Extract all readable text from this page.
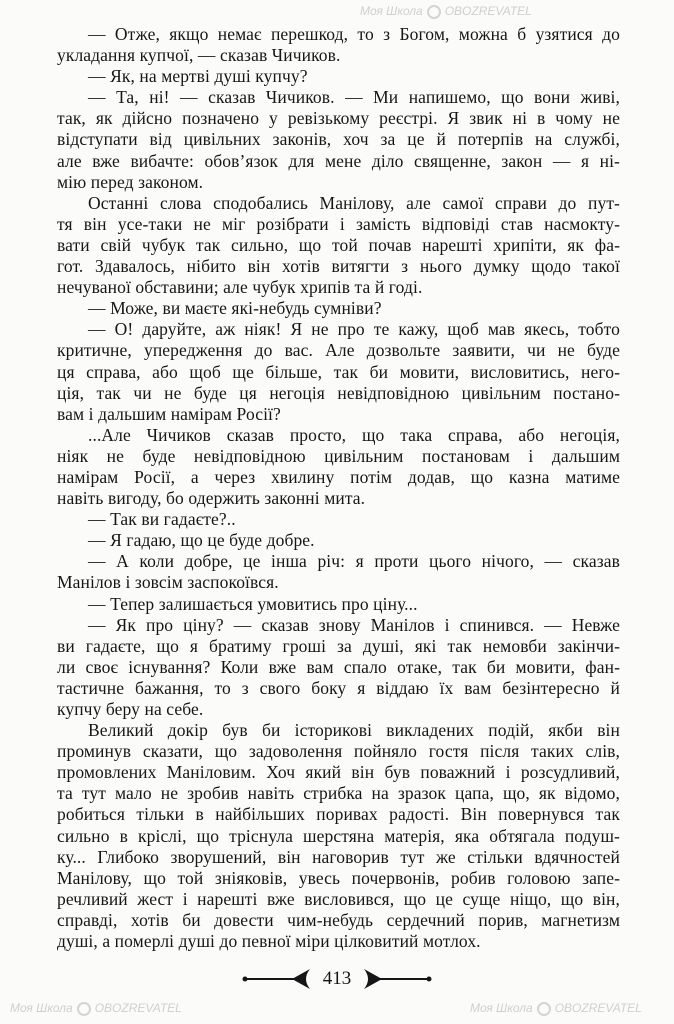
Моя Школа OBOZREVATEL
Моя Школа OBOZREVATEL	Моя Школа OBOZREVATEL
— Отже, якщо немає перешкод, то з Богом, можна б узятися до
укладання купчої, — сказав Чичиков.
— Як, на мертві душі купчу?
— Та, ні! — сказав Чичиков. — Ми напишемо, що вони живі,
так, як дійсно позначено у ревізькому реєстрі. Я звик ні в чому не
відступати від цивільних законів, хоч за це й потерпів на службі,
але вже вибачте: обов’язок для мене діло священне, закон — я ні-
мію перед законом.
Останні слова сподобались Манілову, але самої справи до пут-
тя він усе-таки не міг розібрати і замість відповіді став насмокту-
вати свій чубук так сильно, що той почав нарешті хрипіти, як фа-
гот. Здавалось, нібито він хотів витягти з нього думку щодо такої
нечуваної обставини; але чубук хрипів та й годі.
— Може, ви маєте які-небудь сумніви?
— О! даруйте, аж ніяк! Я не про те кажу, щоб мав якесь, тобто
критичне, упередження до вас. Але дозвольте заявити, чи не буде
ця справа, або щоб ще більше, так би мовити, висловитись, него-
ція, так чи не буде ця негоція невідповідною цивільним постано-
вам і дальшим намірам Росії?
...Але Чичиков сказав просто, що така справа, або негоція,
ніяк не буде невідповідною цивільним постановам і дальшим
намірам Росії, а через хвилину потім додав, що казна матиме
навіть вигоду, бо одержить законні мита.
— Так ви гадаєте?..
— Я гадаю, що це буде добре.
— А коли добре, це інша річ: я проти цього нічого, — сказав
Манілов і зовсім заспокоївся.
— Тепер залишається умовитись про ціну...
— Як про ціну? — сказав знову Манілов і спинився. — Невже
ви гадаєте, що я братиму гроші за душі, які так немовби закінчи-
ли своє існування? Коли вже вам спало отаке, так би мовити, фан-
тастичне бажання, то з свого боку я віддаю їх вам безінтересно й
купчу беру на себе.
Великий докір був би історикові викладених подій, якби він
проминув сказати, що задоволення пойняло гостя після таких слів,
промовлених Маніловим. Хоч який він був поважний і розсудливий,
та тут мало не зробив навіть стрибка на зразок цапа, що, як відомо,
робиться тільки в найбільших поривах радості. Він повернувся так
сильно в кріслі, що тріснула шерстяна матерія, яка обтягала подуш-
ку... Глибоко зворушений, він наговорив тут же стільки вдячностей
Манілову, що той зніяковів, увесь почервонів, робив головою запе-
речливий жест і нарешті вже висловився, що це суще ніщо, що він,
справді, хотів би довести чим-небудь сердечний порив, магнетизм
душі, а померлі душі до певної міри цілковитий мотлох.
413
